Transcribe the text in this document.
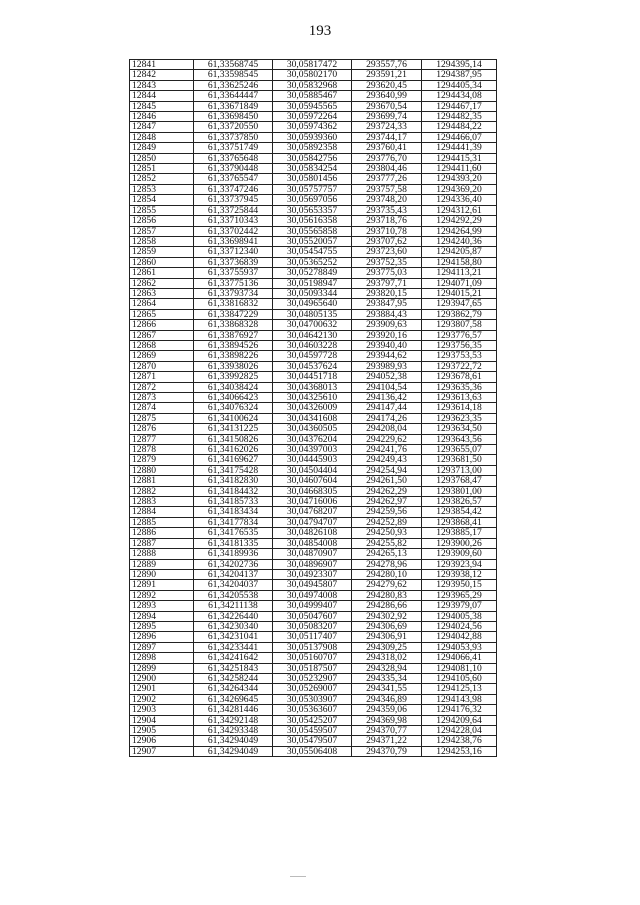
193
12841	61,33568745	30,05817472	293557,76	1294395,14
12842	61,33598545	30,05802170	293591,21	1294387,95
12843	61,33625246	30,05832968	293620,45	1294405,34
12844	61,33644447	30,05885467	293640,99	1294434,08
12845	61,33671849	30,05945565	293670,54	1294467,17
12846	61,33698450	30,05972264	293699,74	1294482,35
12847	61,33720550	30,05974362	293724,33	1294484,22
12848	61,33737850	30,05939360	293744,17	1294466,07
12849	61,33751749	30,05892358	293760,41	1294441,39
12850	61,33765648	30,05842756	293776,70	1294415,31
12851	61,33790448	30,05834254	293804,46	1294411,60
12852	61,33765547	30,05801456	293777,26	1294393,20
12853	61,33747246	30,05757757	293757,58	1294369,20
12854	61,33737945	30,05697056	293748,20	1294336,40
12855	61,33725844	30,05653357	293735,43	1294312,61
12856	61,33710343	30,05616358	293718,76	1294292,29
12857	61,33702442	30,05565858	293710,78	1294264,99
12858	61,33698941	30,05520057	293707,62	1294240,36
12859	61,33712340	30,05454755	293723,60	1294205,87
12860	61,33736839	30,05365252	293752,35	1294158,80
12861	61,33755937	30,05278849	293775,03	1294113,21
12862	61,33775136	30,05198947	293797,71	1294071,09
12863	61,33793734	30,05093344	293820,15	1294015,21
12864	61,33816832	30,04965640	293847,95	1293947,65
12865	61,33847229	30,04805135	293884,43	1293862,79
12866	61,33868328	30,04700632	293909,63	1293807,58
12867	61,33876927	30,04642130	293920,16	1293776,57
12868	61,33894526	30,04603228	293940,40	1293756,35
12869	61,33898226	30,04597728	293944,62	1293753,53
12870	61,33938026	30,04537624	293989,93	1293722,72
12871	61,33992825	30,04451718	294052,38	1293678,61
12872	61,34038424	30,04368013	294104,54	1293635,36
12873	61,34066423	30,04325610	294136,42	1293613,63
12874	61,34076324	30,04326009	294147,44	1293614,18
12875	61,34100624	30,04341608	294174,26	1293623,35
12876	61,34131225	30,04360505	294208,04	1293634,50
12877	61,34150826	30,04376204	294229,62	1293643,56
12878	61,34162026	30,04397003	294241,76	1293655,07
12879	61,34169627	30,04445903	294249,43	1293681,50
12880	61,34175428	30,04504404	294254,94	1293713,00
12881	61,34182830	30,04607604	294261,50	1293768,47
12882	61,34184432	30,04668305	294262,29	1293801,00
12883	61,34185733	30,04716006	294262,97	1293826,57
12884	61,34183434	30,04768207	294259,56	1293854,42
12885	61,34177834	30,04794707	294252,89	1293868,41
12886	61,34176535	30,04826108	294250,93	1293885,17
12887	61,34181335	30,04854008	294255,82	1293900,26
12888	61,34189936	30,04870907	294265,13	1293909,60
12889	61,34202736	30,04896907	294278,96	1293923,94
12890	61,34204137	30,04923307	294280,10	1293938,12
12891	61,34204037	30,04945807	294279,62	1293950,15
12892	61,34205538	30,04974008	294280,83	1293965,29
12893	61,34211138	30,04999407	294286,66	1293979,07
12894	61,34226440	30,05047607	294302,92	1294005,38
12895	61,34230340	30,05083207	294306,69	1294024,56
12896	61,34231041	30,05117407	294306,91	1294042,88
12897	61,34233441	30,05137908	294309,25	1294053,93
12898	61,34241642	30,05160707	294318,02	1294066,41
12899	61,34251843	30,05187507	294328,94	1294081,10
12900	61,34258244	30,05232907	294335,34	1294105,60
12901	61,34264344	30,05269007	294341,55	1294125,13
12902	61,34269645	30,05303907	294346,89	1294143,98
12903	61,34281446	30,05363607	294359,06	1294176,32
12904	61,34292148	30,05425207	294369,98	1294209,64
12905	61,34293348	30,05459507	294370,77	1294228,04
12906	61,34294049	30,05479507	294371,22	1294238,76
12907	61,34294049	30,05506408	294370,79	1294253,16
